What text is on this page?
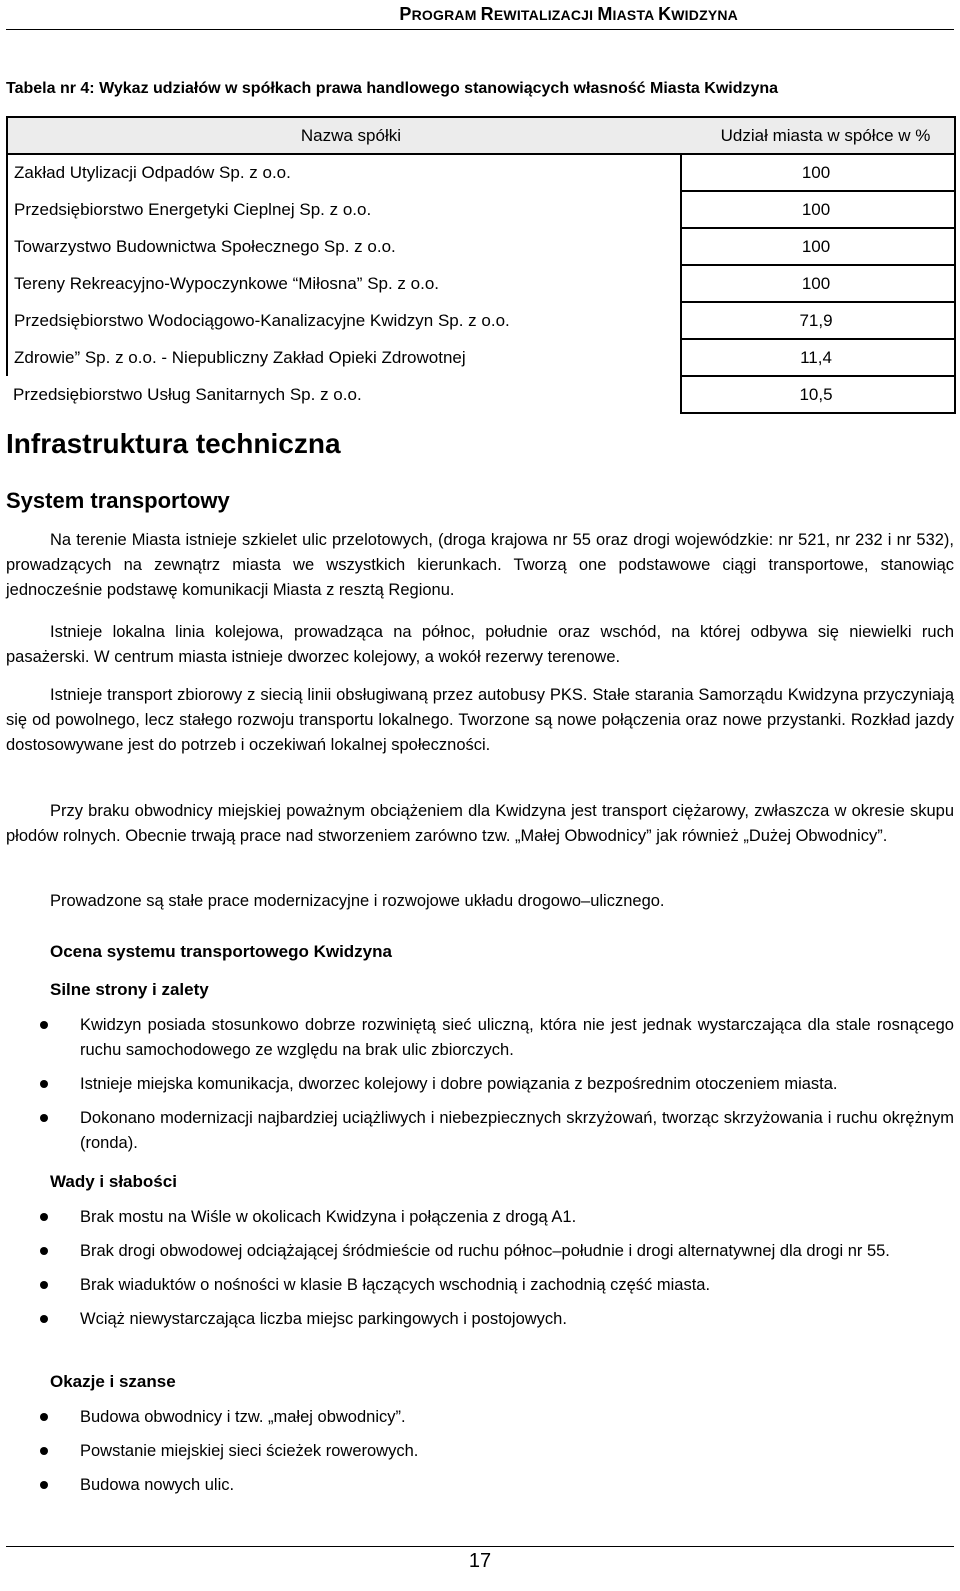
PROGRAM REWITALIZACJI MIASTA KWIDZYNA
Tabela nr 4: Wykaz udziałów w spółkach prawa handlowego stanowiących własność Miasta Kwidzyna
Nazwa spółki	Udział miasta w spółce w %
Zakład Utylizacji Odpadów Sp. z o.o.	100
Przedsiębiorstwo Energetyki Cieplnej Sp. z o.o.	100
Towarzystwo Budownictwa Społecznego Sp. z o.o.	100
Tereny Rekreacyjno-Wypoczynkowe “Miłosna” Sp. z o.o.	100
Przedsiębiorstwo Wodociągowo-Kanalizacyjne Kwidzyn Sp. z o.o.	71,9
Zdrowie” Sp. z o.o. - Niepubliczny Zakład Opieki Zdrowotnej	11,4
Przedsiębiorstwo Usług Sanitarnych Sp. z o.o.	10,5
Infrastruktura techniczna
System transportowy
Na terenie Miasta istnieje szkielet ulic przelotowych, (droga krajowa nr 55 oraz drogi wojewódzkie: nr 521, nr 232 i nr 532), prowadzących na zewnątrz miasta we wszystkich kierunkach. Tworzą one podstawowe ciągi transportowe, stanowiąc jednocześnie podstawę komunikacji Miasta z resztą Regionu.
Istnieje lokalna linia kolejowa, prowadząca na północ, południe oraz wschód, na której odbywa się niewielki ruch pasażerski. W centrum miasta istnieje dworzec kolejowy, a wokół rezerwy terenowe.
Istnieje transport zbiorowy z siecią linii obsługiwaną przez autobusy PKS. Stałe starania Samorządu Kwidzyna przyczyniają się od powolnego, lecz stałego rozwoju transportu lokalnego. Tworzone są nowe połączenia oraz nowe przystanki. Rozkład jazdy dostosowywane jest do potrzeb i oczekiwań lokalnej społeczności.
Przy braku obwodnicy miejskiej poważnym obciążeniem dla Kwidzyna jest transport ciężarowy, zwłaszcza w okresie skupu płodów rolnych. Obecnie trwają prace nad stworzeniem zarówno tzw. „Małej Obwodnicy” jak również „Dużej Obwodnicy”.
Prowadzone są stałe prace modernizacyjne i rozwojowe układu drogowo–ulicznego.
Ocena systemu transportowego Kwidzyna
Silne strony i zalety
Kwidzyn posiada stosunkowo dobrze rozwiniętą sieć uliczną, która nie jest jednak wystarczająca dla stale rosnącego ruchu samochodowego ze względu na brak ulic zbiorczych.
Istnieje miejska komunikacja, dworzec kolejowy i dobre powiązania z bezpośrednim otoczeniem miasta.
Dokonano modernizacji najbardziej uciążliwych i niebezpiecznych skrzyżowań, tworząc skrzyżowania i ruchu okrężnym (ronda).
Wady i słabości
Brak mostu na Wiśle w okolicach Kwidzyna i połączenia z drogą A1.
Brak drogi obwodowej odciążającej śródmieście od ruchu północ–południe i drogi alternatywnej dla drogi nr 55.
Brak wiaduktów o nośności w klasie B łączących wschodnią i zachodnią część miasta.
Wciąż niewystarczająca liczba miejsc parkingowych i postojowych.
Okazje i szanse
Budowa obwodnicy i tzw. „małej obwodnicy”.
Powstanie miejskiej sieci ścieżek rowerowych.
Budowa nowych ulic.
17
